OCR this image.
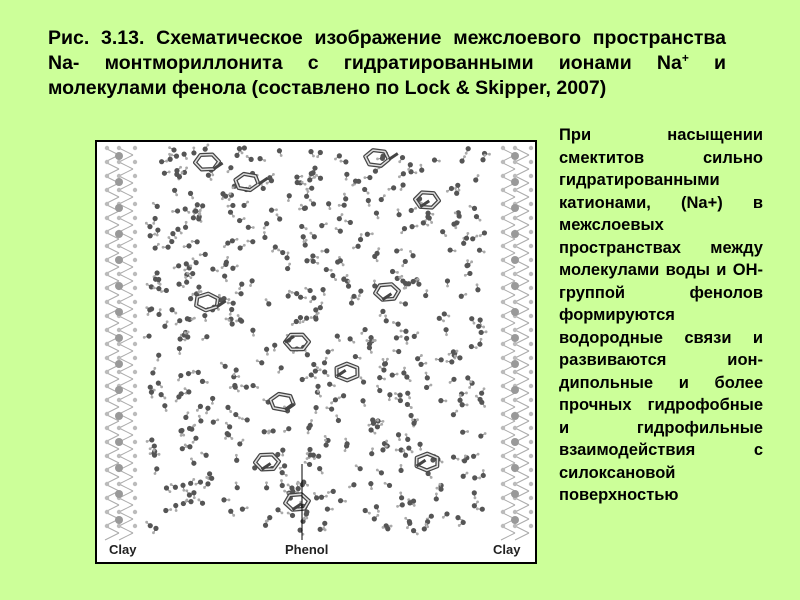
Рис. 3.13. Схематическое изображение межслоевого пространства Na- монтмориллонита с гидратированными ионами Na+ и молекулами фенола (составлено по Lock & Skipper, 2007)

Clay	Phenol	Clay

При насыщении смектитов сильно гидратированными катионами, (Na+) в межслоевых пространствах между молекулами воды и ОН-группой фенолов формируются водородные связи и развиваются ион-дипольные и более прочных гидрофобные и гидрофильные взаимодействия с силоксановой поверхностью
